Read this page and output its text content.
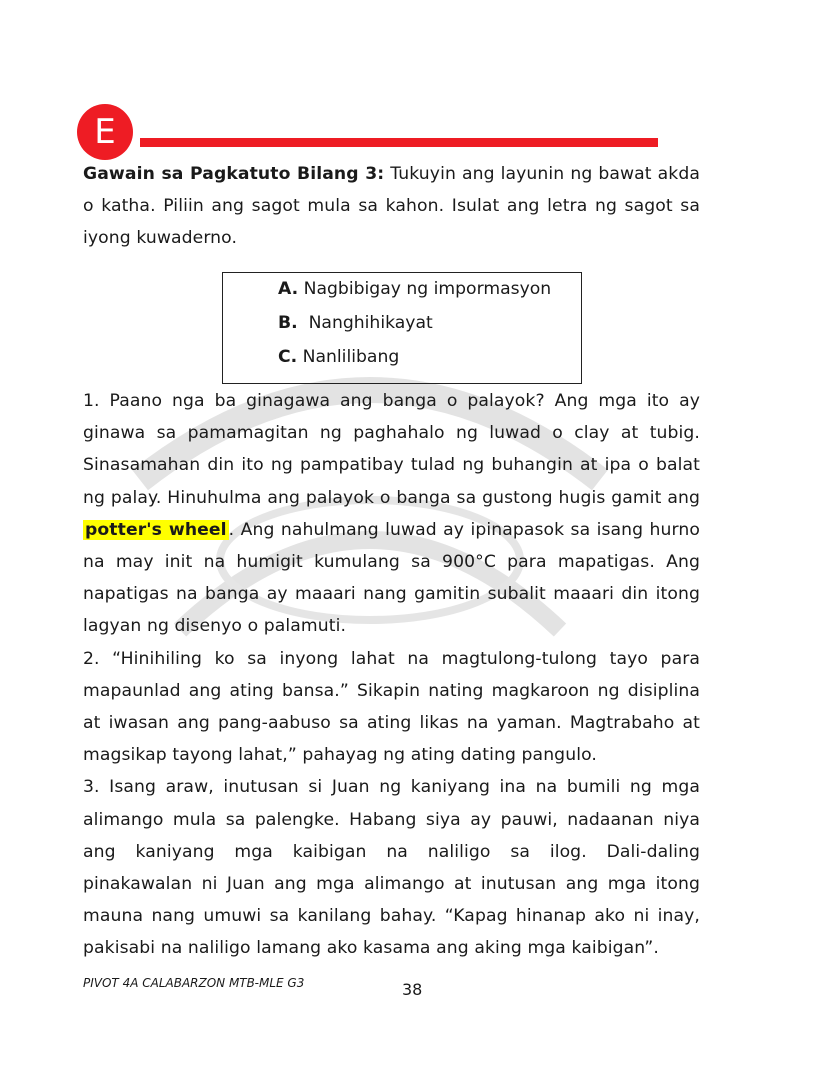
E
Gawain sa Pagkatuto Bilang 3: Tukuyin ang layunin ng bawat akda o katha. Piliin ang sagot mula sa kahon. Isulat ang letra ng sagot sa iyong kuwaderno.
A. Nagbibigay ng impormasyon
B.  Nanghihikayat
C. Nanlilibang

1. Paano nga ba ginagawa ang banga o palayok? Ang mga ito ay ginawa sa pamamagitan ng paghahalo ng luwad o clay at tubig. Sinasamahan din ito ng pampatibay tulad ng buhangin at ipa o balat ng palay. Hinuhulma ang palayok o banga sa gustong hugis gamit ang potter's wheel . Ang nahulmang luwad ay ipinapasok sa isang hurno na may init na humigit kumulang sa 900°C para mapatigas. Ang napatigas na banga ay maaari nang gamitin subalit maaari din itong lagyan ng disenyo o palamuti.

2. “Hinihiling ko sa inyong lahat na magtulong-tulong tayo para mapaunlad ang ating bansa.” Sikapin nating magkaroon ng disiplina at iwasan ang pang-aabuso sa ating likas na yaman. Magtrabaho at magsikap tayong lahat,” pahayag ng ating dating pangulo.

3. Isang araw, inutusan si Juan ng kaniyang ina na bumili ng mga alimango mula sa palengke. Habang siya ay pauwi, nadaanan niya ang kaniyang mga kaibigan na naliligo sa ilog. Dali-daling pinakawalan ni Juan ang mga alimango at inutusan ang mga itong mauna nang umuwi sa kanilang bahay. “Kapag hinanap ako ni inay, pakisabi na naliligo lamang ako kasama ang aking mga kaibigan”.

PIVOT 4A CALABARZON MTB-MLE G3	38
